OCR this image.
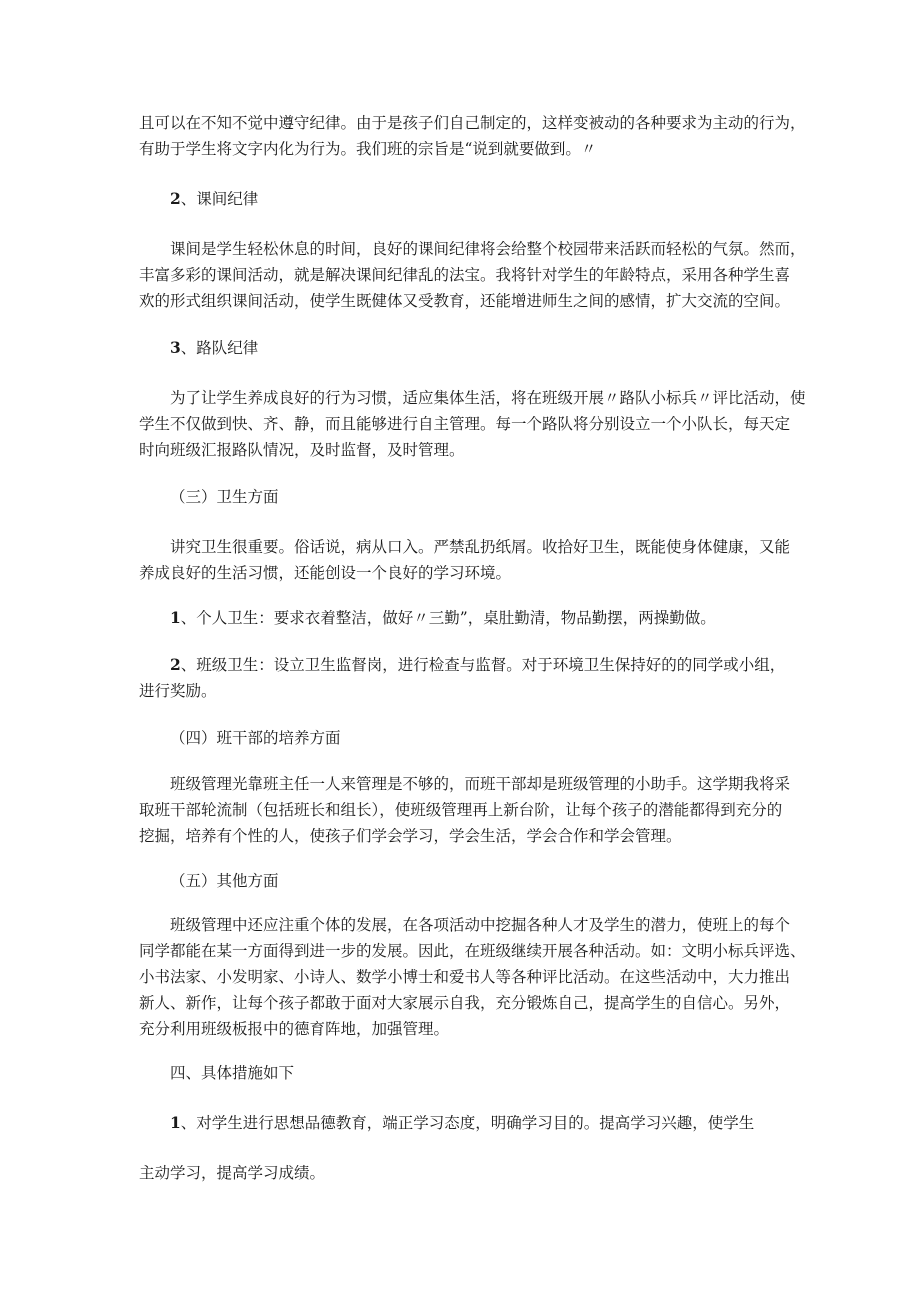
且可以在不知不觉中遵守纪律。由于是孩子们自己制定的，这样变被动的各种要求为主动的行为，
有助于学生将文字内化为行为。我们班的宗旨是“说到就要做到。〃
2、课间纪律
课间是学生轻松休息的时间，良好的课间纪律将会给整个校园带来活跃而轻松的气氛。然而，
丰富多彩的课间活动，就是解决课间纪律乱的法宝。我将针对学生的年龄特点，采用各种学生喜
欢的形式组织课间活动，使学生既健体又受教育，还能增进师生之间的感情，扩大交流的空间。
3、路队纪律
为了让学生养成良好的行为习惯，适应集体生活，将在班级开展〃路队小标兵〃评比活动，使
学生不仅做到快、齐、静，而且能够进行自主管理。每一个路队将分别设立一个小队长，每天定
时向班级汇报路队情况，及时监督，及时管理。
（三）卫生方面
讲究卫生很重要。俗话说，病从口入。严禁乱扔纸屑。收拾好卫生，既能使身体健康，又能
养成良好的生活习惯，还能创设一个良好的学习环境。
1、个人卫生：要求衣着整洁，做好〃三勤”，桌肚勤清，物品勤摆，两操勤做。
2、班级卫生：设立卫生监督岗，进行检查与监督。对于环境卫生保持好的的同学或小组，
进行奖励。
（四）班干部的培养方面
班级管理光靠班主任一人来管理是不够的，而班干部却是班级管理的小助手。这学期我将采
取班干部轮流制（包括班长和组长），使班级管理再上新台阶，让每个孩子的潜能都得到充分的
挖掘，培养有个性的人，使孩子们学会学习，学会生活，学会合作和学会管理。
（五）其他方面
班级管理中还应注重个体的发展，在各项活动中挖掘各种人才及学生的潜力，使班上的每个
同学都能在某一方面得到进一步的发展。因此，在班级继续开展各种活动。如：文明小标兵评选、
小书法家、小发明家、小诗人、数学小博士和爱书人等各种评比活动。在这些活动中，大力推出
新人、新作，让每个孩子都敢于面对大家展示自我，充分锻炼自己，提高学生的自信心。另外，
充分利用班级板报中的德育阵地，加强管理。
四、具体措施如下
1、对学生进行思想品德教育，端正学习态度，明确学习目的。提高学习兴趣，使学生
主动学习，提高学习成绩。
